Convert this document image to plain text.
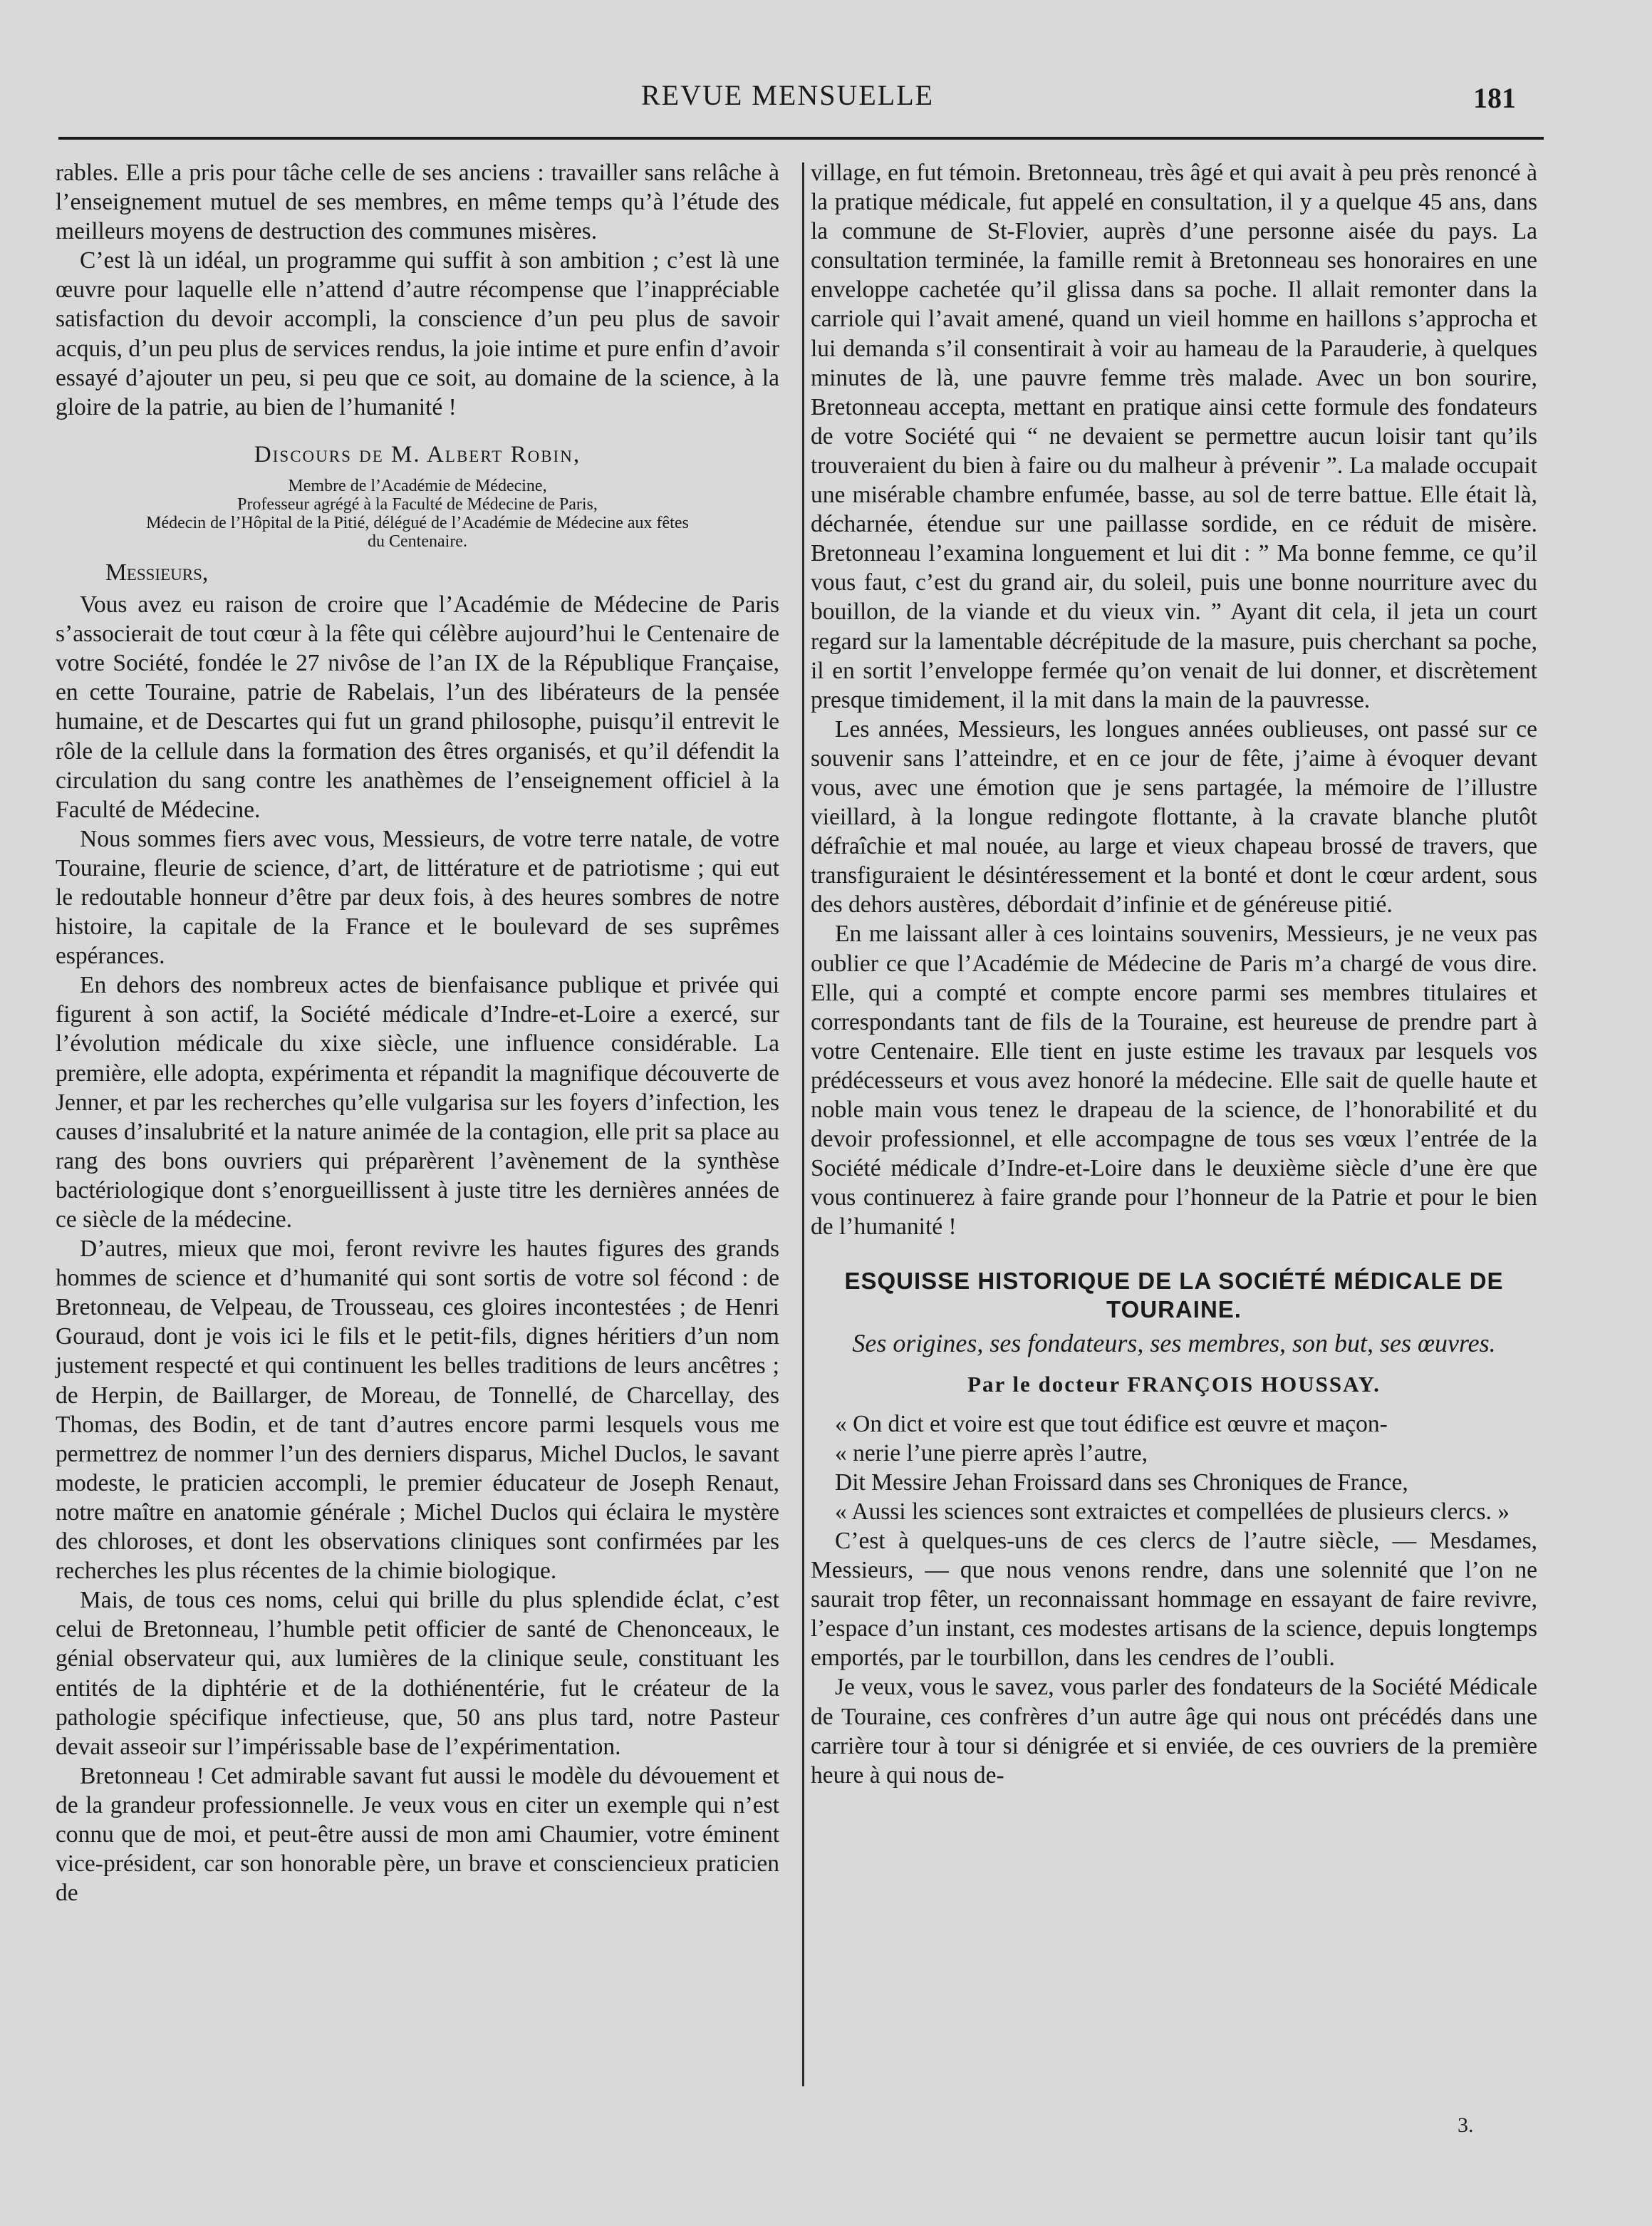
REVUE MENSUELLE	181

rables. Elle a pris pour tâche celle de ses anciens : travailler sans relâche à l’enseignement mutuel de ses membres, en même temps qu’à l’étude des meilleurs moyens de destruction des communes misères.

C’est là un idéal, un programme qui suffit à son ambition ; c’est là une œuvre pour laquelle elle n’attend d’autre récompense que l’inappréciable satisfaction du devoir accompli, la conscience d’un peu plus de savoir acquis, d’un peu plus de services rendus, la joie intime et pure enfin d’avoir essayé d’ajouter un peu, si peu que ce soit, au domaine de la science, à la gloire de la patrie, au bien de l’humanité !

Discours de M. Albert Robin,
Membre de l’Académie de Médecine,
Professeur agrégé à la Faculté de Médecine de Paris,
Médecin de l’Hôpital de la Pitié, délégué de l’Académie de Médecine aux fêtes
du Centenaire.
Messieurs,

Vous avez eu raison de croire que l’Académie de Médecine de Paris s’associerait de tout cœur à la fête qui célèbre aujourd’hui le Centenaire de votre Société, fondée le 27 nivôse de l’an IX de la République Française, en cette Touraine, patrie de Rabelais, l’un des libérateurs de la pensée humaine, et de Descartes qui fut un grand philosophe, puisqu’il entrevit le rôle de la cellule dans la formation des êtres organisés, et qu’il défendit la circulation du sang contre les anathèmes de l’enseignement officiel à la Faculté de Médecine.

Nous sommes fiers avec vous, Messieurs, de votre terre natale, de votre Touraine, fleurie de science, d’art, de littérature et de patriotisme ; qui eut le redoutable honneur d’être par deux fois, à des heures sombres de notre histoire, la capitale de la France et le boulevard de ses suprêmes espérances.

En dehors des nombreux actes de bienfaisance publique et privée qui figurent à son actif, la Société médicale d’Indre-et-Loire a exercé, sur l’évolution médicale du xixe siècle, une influence considérable. La première, elle adopta, expérimenta et répandit la magnifique découverte de Jenner, et par les recherches qu’elle vulgarisa sur les foyers d’infection, les causes d’insalubrité et la nature animée de la contagion, elle prit sa place au rang des bons ouvriers qui préparèrent l’avènement de la synthèse bactériologique dont s’enorgueillissent à juste titre les dernières années de ce siècle de la médecine.

D’autres, mieux que moi, feront revivre les hautes figures des grands hommes de science et d’humanité qui sont sortis de votre sol fécond : de Bretonneau, de Velpeau, de Trousseau, ces gloires incontestées ; de Henri Gouraud, dont je vois ici le fils et le petit-fils, dignes héritiers d’un nom justement respecté et qui continuent les belles traditions de leurs ancêtres ; de Herpin, de Baillarger, de Moreau, de Tonnellé, de Charcellay, des Thomas, des Bodin, et de tant d’autres encore parmi lesquels vous me permettrez de nommer l’un des derniers disparus, Michel Duclos, le savant modeste, le praticien accompli, le premier éducateur de Joseph Renaut, notre maître en anatomie générale ; Michel Duclos qui éclaira le mystère des chloroses, et dont les observations cliniques sont confirmées par les recherches les plus récentes de la chimie biologique.

Mais, de tous ces noms, celui qui brille du plus splendide éclat, c’est celui de Bretonneau, l’humble petit officier de santé de Chenonceaux, le génial observateur qui, aux lumières de la clinique seule, constituant les entités de la diphtérie et de la dothiénentérie, fut le créateur de la pathologie spécifique infectieuse, que, 50 ans plus tard, notre Pasteur devait asseoir sur l’impérissable base de l’expérimentation.

Bretonneau ! Cet admirable savant fut aussi le modèle du dévouement et de la grandeur professionnelle. Je veux vous en citer un exemple qui n’est connu que de moi, et peut-être aussi de mon ami Chaumier, votre éminent vice-président, car son honorable père, un brave et consciencieux praticien de

village, en fut témoin. Bretonneau, très âgé et qui avait à peu près renoncé à la pratique médicale, fut appelé en consultation, il y a quelque 45 ans, dans la commune de St-Flovier, auprès d’une personne aisée du pays. La consultation terminée, la famille remit à Bretonneau ses honoraires en une enveloppe cachetée qu’il glissa dans sa poche. Il allait remonter dans la carriole qui l’avait amené, quand un vieil homme en haillons s’approcha et lui demanda s’il consentirait à voir au hameau de la Parauderie, à quelques minutes de là, une pauvre femme très malade. Avec un bon sourire, Bretonneau accepta, mettant en pratique ainsi cette formule des fondateurs de votre Société qui “ ne devaient se permettre aucun loisir tant qu’ils trouveraient du bien à faire ou du malheur à prévenir ”. La malade occupait une misérable chambre enfumée, basse, au sol de terre battue. Elle était là, décharnée, étendue sur une paillasse sordide, en ce réduit de misère. Bretonneau l’examina longuement et lui dit : ” Ma bonne femme, ce qu’il vous faut, c’est du grand air, du soleil, puis une bonne nourriture avec du bouillon, de la viande et du vieux vin. ” Ayant dit cela, il jeta un court regard sur la lamentable décrépitude de la masure, puis cherchant sa poche, il en sortit l’enveloppe fermée qu’on venait de lui donner, et discrètement presque timidement, il la mit dans la main de la pauvresse.

Les années, Messieurs, les longues années oublieuses, ont passé sur ce souvenir sans l’atteindre, et en ce jour de fête, j’aime à évoquer devant vous, avec une émotion que je sens partagée, la mémoire de l’illustre vieillard, à la longue redingote flottante, à la cravate blanche plutôt défraîchie et mal nouée, au large et vieux chapeau brossé de travers, que transfiguraient le désintéressement et la bonté et dont le cœur ardent, sous des dehors austères, débordait d’infinie et de généreuse pitié.

En me laissant aller à ces lointains souvenirs, Messieurs, je ne veux pas oublier ce que l’Académie de Médecine de Paris m’a chargé de vous dire. Elle, qui a compté et compte encore parmi ses membres titulaires et correspondants tant de fils de la Touraine, est heureuse de prendre part à votre Centenaire. Elle tient en juste estime les travaux par lesquels vos prédécesseurs et vous avez honoré la médecine. Elle sait de quelle haute et noble main vous tenez le drapeau de la science, de l’honorabilité et du devoir professionnel, et elle accompagne de tous ses vœux l’entrée de la Société médicale d’Indre-et-Loire dans le deuxième siècle d’une ère que vous continuerez à faire grande pour l’honneur de la Patrie et pour le bien de l’humanité !

ESQUISSE HISTORIQUE DE LA SOCIÉTÉ MÉDICALE DE TOURAINE.
Ses origines, ses fondateurs, ses membres, son but, ses œuvres.
Par le docteur FRANÇOIS HOUSSAY.

« On dict et voire est que tout édifice est œuvre et maçon-

« nerie l’une pierre après l’autre,

Dit Messire Jehan Froissard dans ses Chroniques de France,

« Aussi les sciences sont extraictes et compellées de plusieurs clercs. »

C’est à quelques-uns de ces clercs de l’autre siècle, — Mesdames, Messieurs, — que nous venons rendre, dans une solennité que l’on ne saurait trop fêter, un reconnaissant hommage en essayant de faire revivre, l’espace d’un instant, ces modestes artisans de la science, depuis longtemps emportés, par le tourbillon, dans les cendres de l’oubli.

Je veux, vous le savez, vous parler des fondateurs de la Société Médicale de Touraine, ces confrères d’un autre âge qui nous ont précédés dans une carrière tour à tour si dénigrée et si enviée, de ces ouvriers de la première heure à qui nous de-

3.
